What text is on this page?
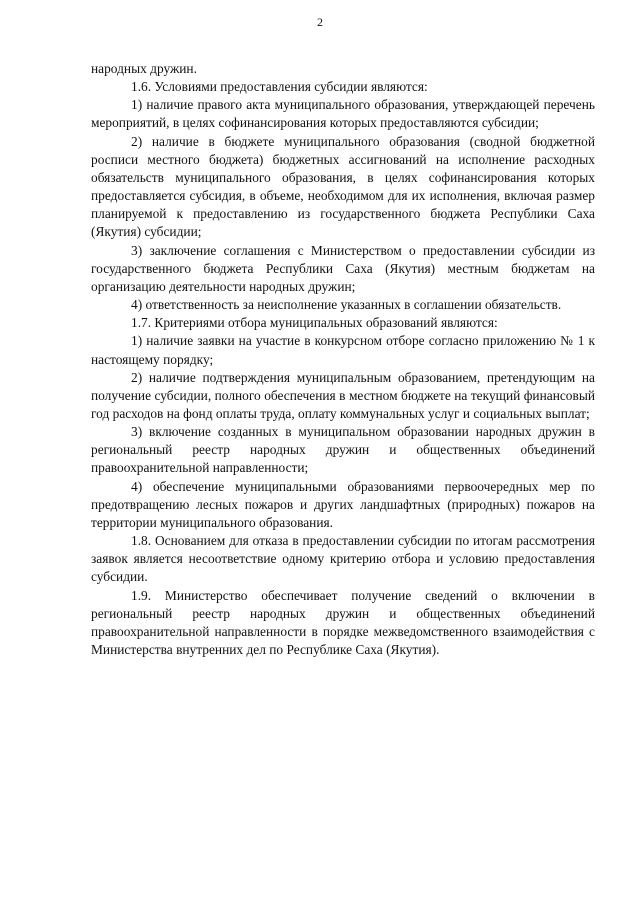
2

народных дружин.

1.6. Условиями предоставления субсидии являются:

1) наличие правого акта муниципального образования, утверждающей перечень мероприятий, в целях софинансирования которых предоставляются субсидии;

2) наличие в бюджете муниципального образования (сводной бюджетной росписи местного бюджета) бюджетных ассигнований на исполнение расходных обязательств муниципального образования, в целях софинансирования которых предоставляется субсидия, в объеме, необходимом для их исполнения, включая размер планируемой к предоставлению из государственного бюджета Республики Саха (Якутия) субсидии;

3) заключение соглашения с Министерством о предоставлении субсидии из государственного бюджета Республики Саха (Якутия) местным бюджетам на организацию деятельности народных дружин;

4) ответственность за неисполнение указанных в соглашении обязательств.

1.7. Критериями отбора муниципальных образований являются:

1) наличие заявки на участие в конкурсном отборе согласно приложению № 1 к настоящему порядку;

2) наличие подтверждения муниципальным образованием, претендующим на получение субсидии, полного обеспечения в местном бюджете на текущий финансовый год расходов на фонд оплаты труда, оплату коммунальных услуг и социальных выплат;

3) включение созданных в муниципальном образовании народных дружин в региональный реестр народных дружин и общественных объединений правоохранительной направленности;

4) обеспечение муниципальными образованиями первоочередных мер по предотвращению лесных пожаров и других ландшафтных (природных) пожаров на территории муниципального образования.

1.8. Основанием для отказа в предоставлении субсидии по итогам рассмотрения заявок является несоответствие одному критерию отбора и условию предоставления субсидии.

1.9. Министерство обеспечивает получение сведений о включении в региональный реестр народных дружин и общественных объединений правоохранительной направленности в порядке межведомственного взаимодействия с Министерства внутренних дел по Республике Саха (Якутия).
